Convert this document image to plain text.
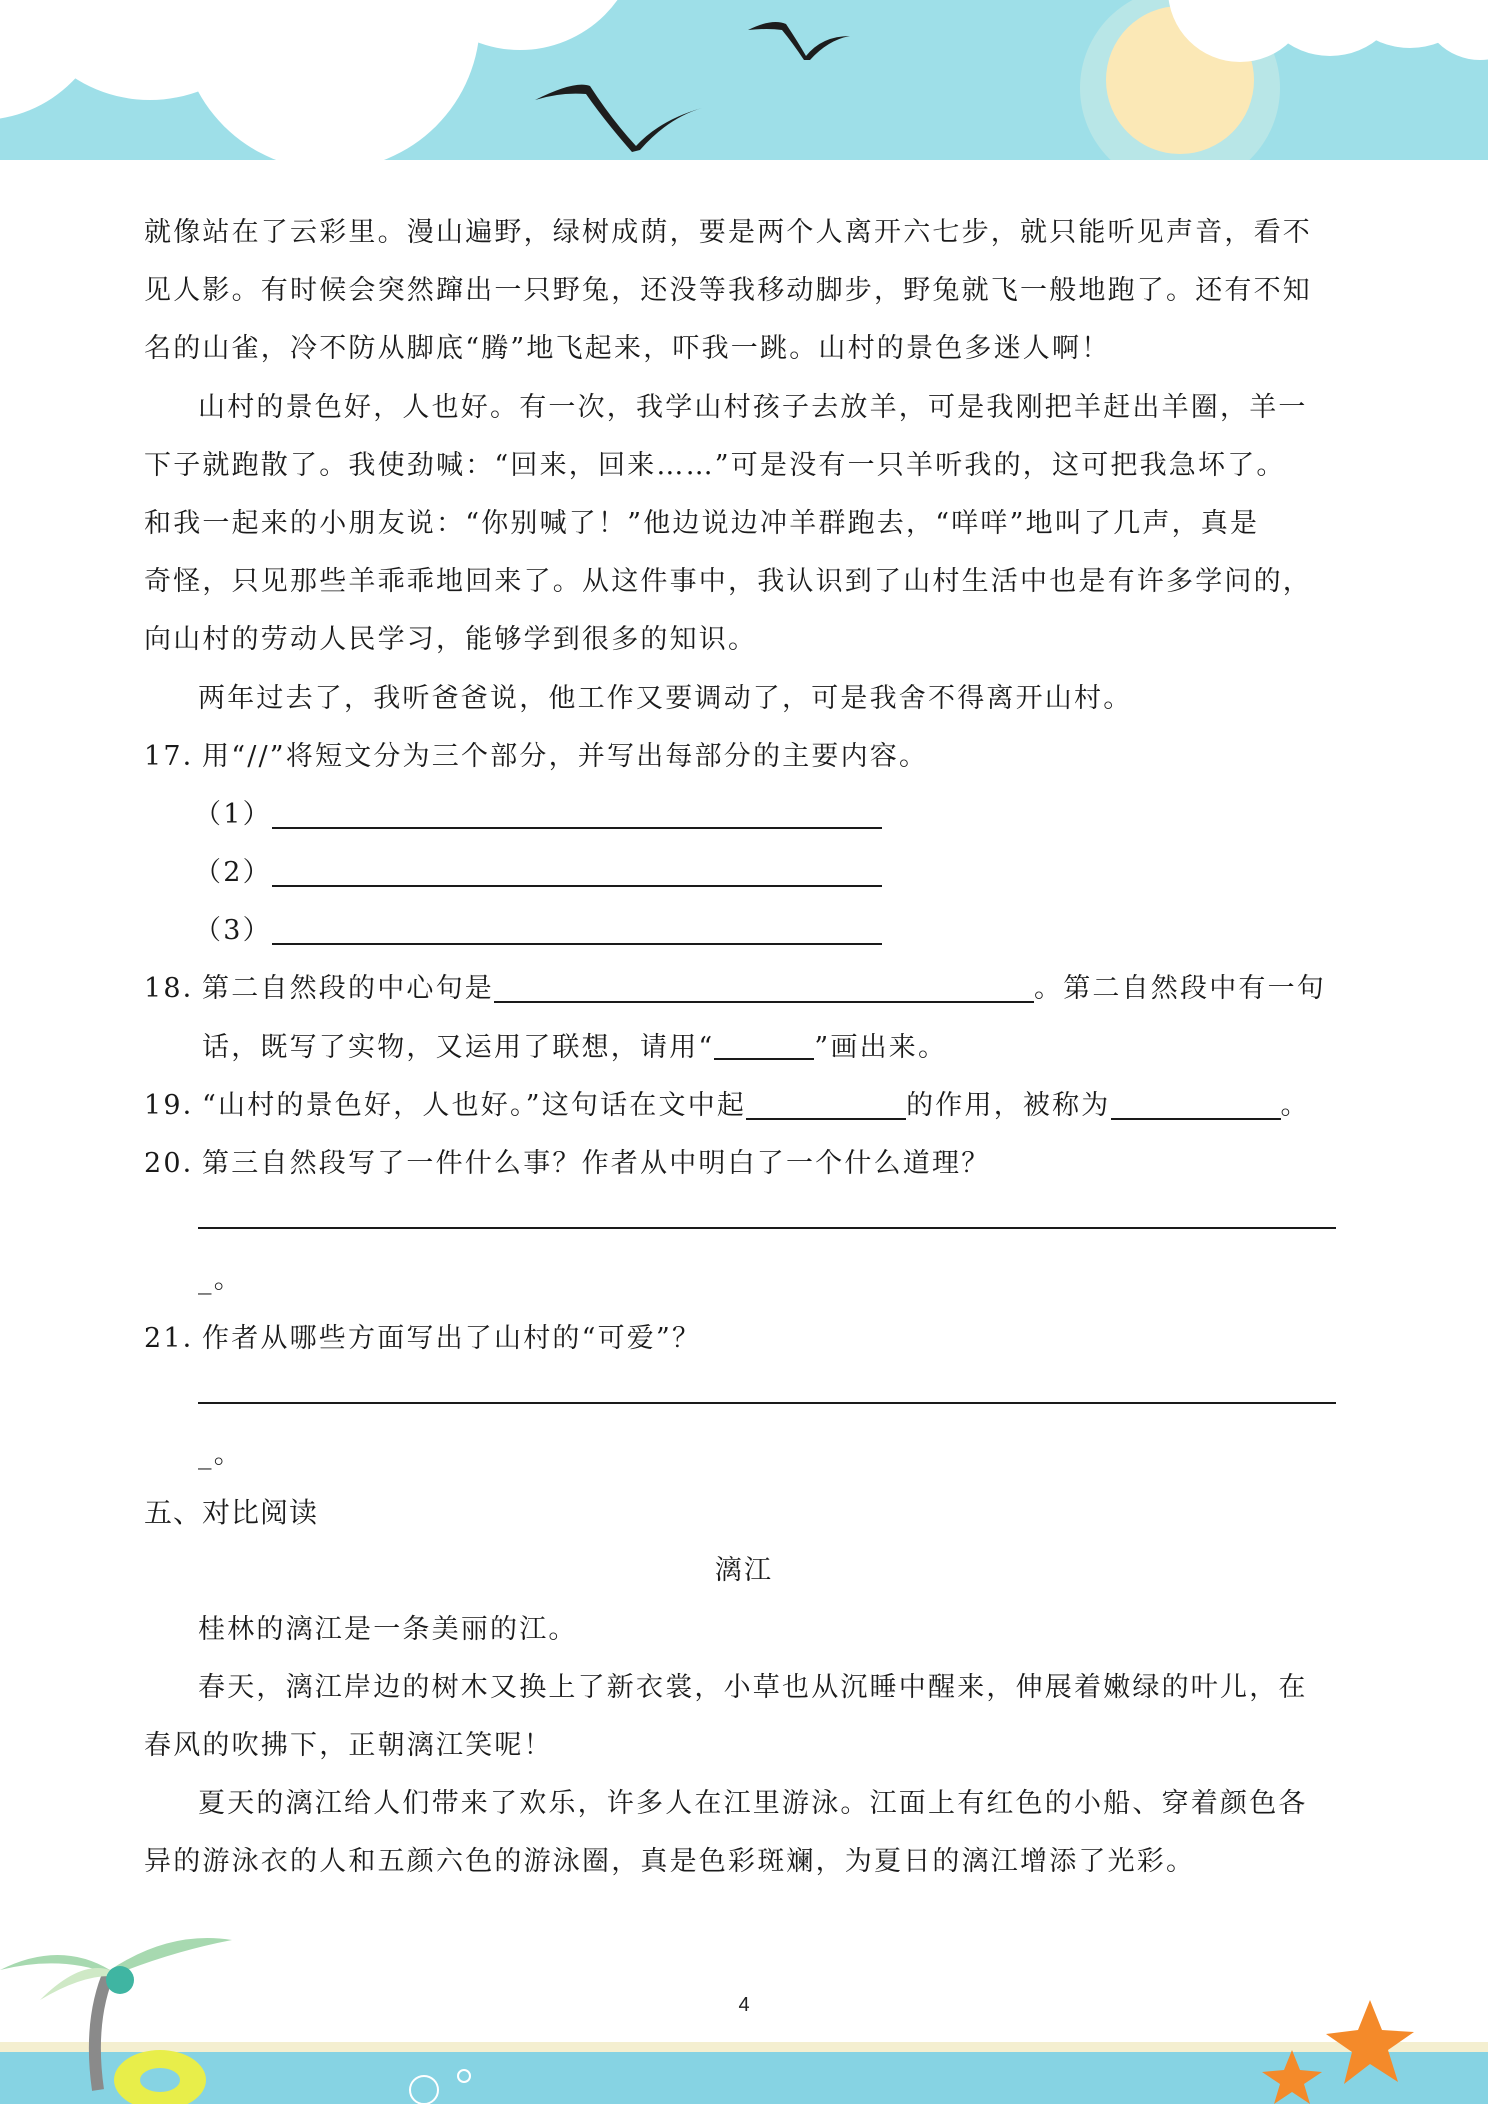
就像站在了云彩里。漫山遍野，绿树成荫，要是两个人离开六七步，就只能听见声音，看不
见人影。有时候会突然蹿出一只野兔，还没等我移动脚步，野兔就飞一般地跑了。还有不知
名的山雀，冷不防从脚底“腾”地飞起来，吓我一跳。山村的景色多迷人啊！
山村的景色好，人也好。有一次，我学山村孩子去放羊，可是我刚把羊赶出羊圈，羊一
下子就跑散了。我使劲喊：“回来，回来……”可是没有一只羊听我的，这可把我急坏了。
和我一起来的小朋友说：“你别喊了！”他边说边冲羊群跑去，“咩咩”地叫了几声，真是
奇怪，只见那些羊乖乖地回来了。从这件事中，我认识到了山村生活中也是有许多学问的，
向山村的劳动人民学习，能够学到很多的知识。
两年过去了，我听爸爸说，他工作又要调动了，可是我舍不得离开山村。
17．用“//”将短文分为三个部分，并写出每部分的主要内容。
（1）
（2）
（3）
18．第二自然段的中心句是	。第二自然段中有一句
话，既写了实物，又运用了联想，请用“	”画出来。
19．“山村的景色好，人也好。”这句话在文中起	的作用，被称为	。
20．第三自然段写了一件什么事？作者从中明白了一个什么道理？
_。
21．作者从哪些方面写出了山村的“可爱”？
_。
五、对比阅读
漓江
桂林的漓江是一条美丽的江。
春天，漓江岸边的树木又换上了新衣裳，小草也从沉睡中醒来，伸展着嫩绿的叶儿，在
春风的吹拂下，正朝漓江笑呢！
夏天的漓江给人们带来了欢乐，许多人在江里游泳。江面上有红色的小船、穿着颜色各
异的游泳衣的人和五颜六色的游泳圈，真是色彩斑斓，为夏日的漓江增添了光彩。
4
